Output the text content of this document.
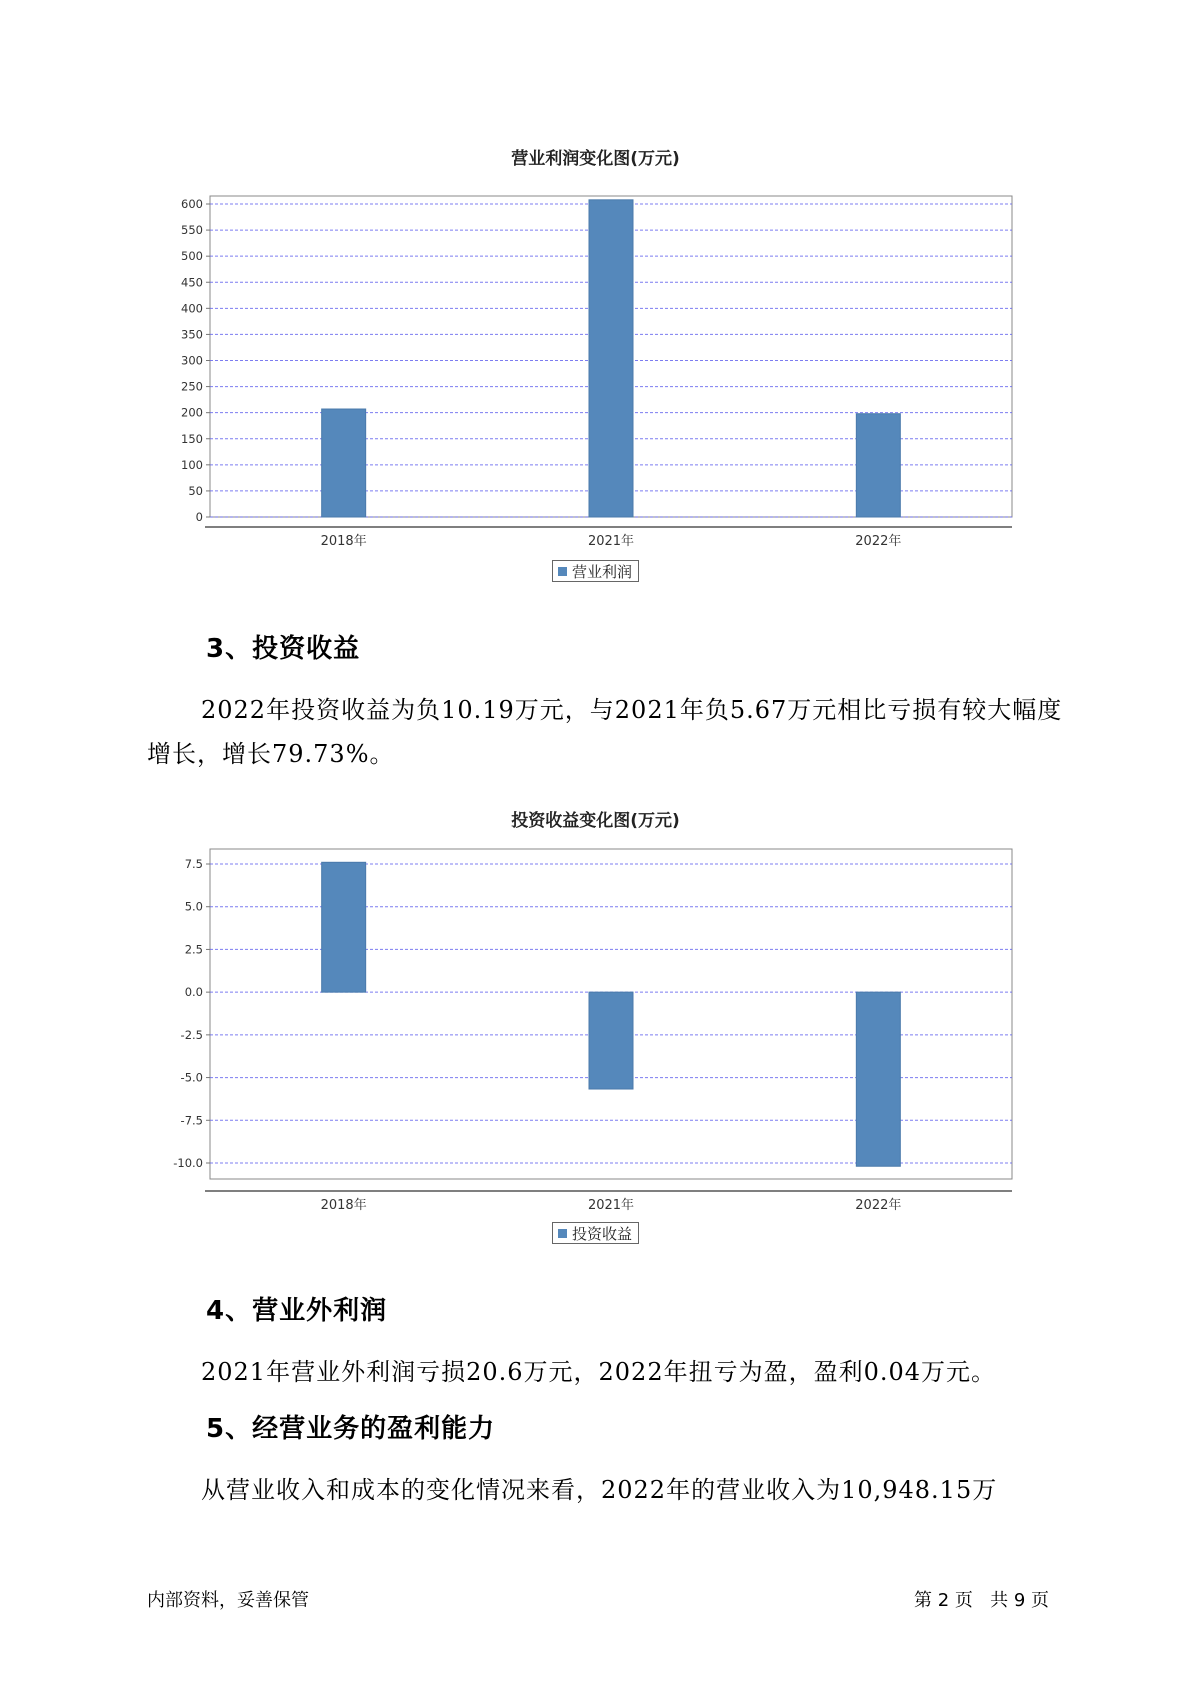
营业利润变化图(万元)
0
50
100
150
200
250
300
350
400
450
500
550
600
2018年	2021年	2022年
营业利润
3、投资收益
2022年投资收益为负10.19万元，与2021年负5.67万元相比亏损有较大幅度增长，增长79.73%。
投资收益变化图(万元)
-10.0
-7.5
-5.0
-2.5
0.0
2.5
5.0
7.5
2018年	2021年	2022年
投资收益
4、营业外利润
2021年营业外利润亏损20.6万元，2022年扭亏为盈，盈利0.04万元。
5、经营业务的盈利能力
从营业收入和成本的变化情况来看，2022年的营业收入为10,948.15万
内部资料，妥善保管	第 2 页   共 9 页
